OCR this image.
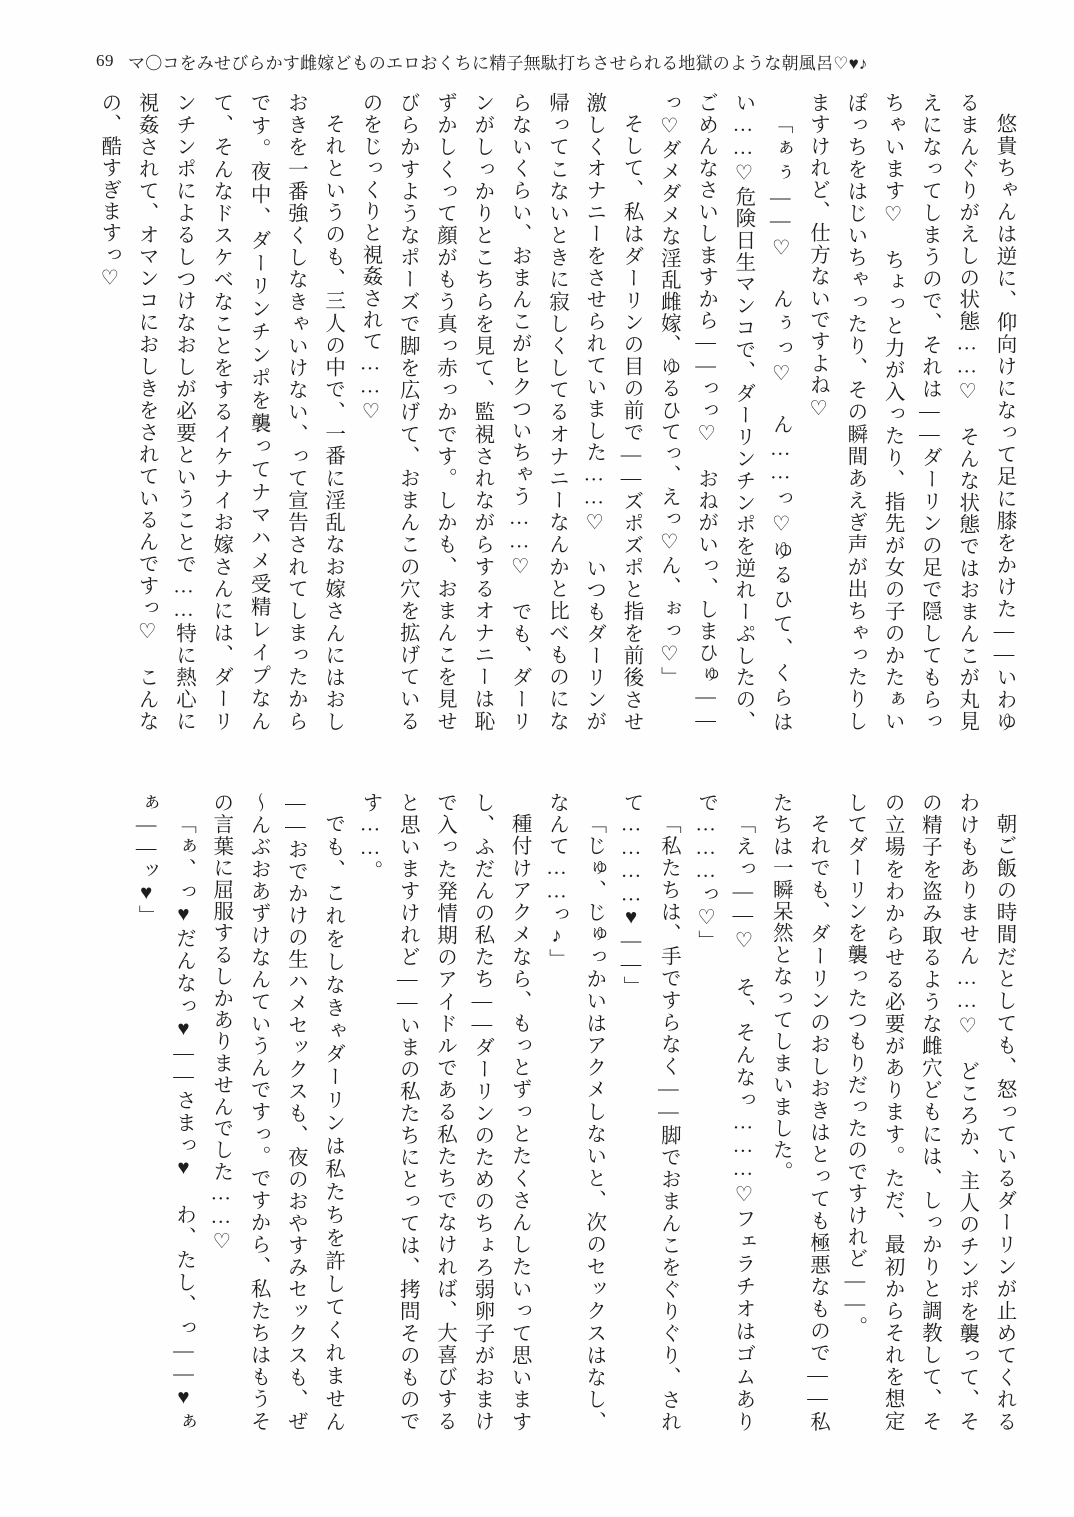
69 マ〇コをみせびらかす雌嫁どものエロおくちに精子無駄打ちさせられる地獄のような朝風呂♡♥♪

悠貴ちゃんは逆に、仰向けになって足に膝をかけた――いわゆるまんぐりがえしの状態……♡　そんな状態ではおまんこが丸見えになってしまうので、それは――ダーリンの足で隠してもらっちゃいます♡　ちょっと力が入ったり、指先が女の子のかたぁいぽっちをはじいちゃったり、その瞬間あえぎ声が出ちゃったりしますけれど、仕方ないですよね♡

「ぁぅ――♡　んぅっ♡　ん……っ♡ゆるひて、くらはい……♡危険日生マンコで、ダーリンチンポを逆れーぷしたの、ごめんなさいしますから――っっ♡　おねがいっ、しまひゅ――っ♡ダメダメな淫乱雌嫁、ゆるひてっ、えっ♡ん、ぉっ♡」

そして、私はダーリンの目の前で――ズポズポと指を前後させ激しくオナニーをさせられていました……♡　いつもダーリンが帰ってこないときに寂しくしてるオナニーなんかと比べものにならないくらい、おまんこがヒクついちゃう……♡　でも、ダーリンがしっかりとこちらを見て、監視されながらするオナニーは恥ずかしくって顔がもう真っ赤っかです。しかも、おまんこを見せびらかすようなポーズで脚を広げて、おまんこの穴を拡げているのをじっくりと視姦されて……♡

それというのも、三人の中で、一番に淫乱なお嫁さんにはおしおきを一番強くしなきゃいけない、って宣告されてしまったからです。夜中、ダーリンチンポを襲ってナマハメ受精レイプなんて、そんなドスケベなことをするイケナイお嫁さんには、ダーリンチンポによるしつけなおしが必要ということで……特に熱心に視姦されて、オマンコにおしきをされているんですっ♡　こんなの、酷すぎますっ♡

朝ご飯の時間だとしても、怒っているダーリンが止めてくれるわけもありません……♡　どころか、主人のチンポを襲って、その精子を盗み取るような雌穴どもには、しっかりと調教して、その立場をわからせる必要があります。ただ、最初からそれを想定してダーリンを襲ったつもりだったのですけれど――。

それでも、ダーリンのおしおきはとっても極悪なもので――私たちは一瞬呆然となってしまいました。

「えっ――♡　そ、そんなっ………♡フェラチオはゴムありで………っ♡」

「私たちは、手ですらなく――脚でおまんこをぐりぐり、されて…………♥――」

「じゅ、じゅっかいはアクメしないと、次のセックスはなし、なんて……っ♪」

種付けアクメなら、もっとずっとたくさんしたいって思いますし、ふだんの私たち――ダーリンのためのちょろ弱卵子がおまけで入った発情期のアイドルである私たちでなければ、大喜びすると思いますけれど――いまの私たちにとっては、拷問そのものです……。

でも、これをしなきゃダーリンは私たちを許してくれません――おでかけの生ハメセックスも、夜のおやすみセックスも、ぜ～んぶおあずけなんていうんですっ。ですから、私たちはもうその言葉に屈服するしかありませんでした……♡

「ぁ、っ♥だんなっ♥――さまっ♥　わ、たし、っ――♥ぁぁ――ッ♥」
